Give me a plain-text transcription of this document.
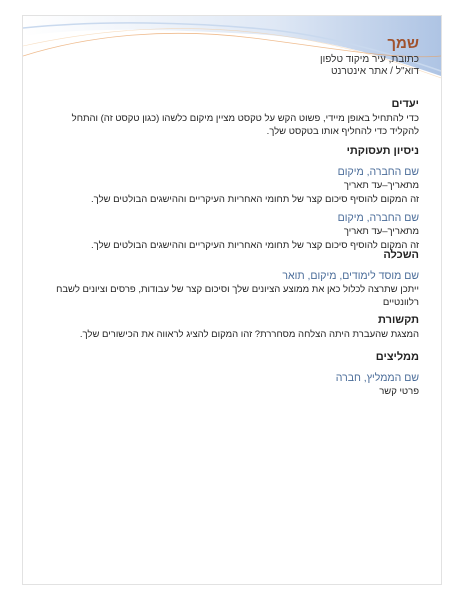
שמך
כתובת, עיר מיקוד טלפון
דוא"ל / אתר אינטרנט

יעדים

כדי להתחיל באופן מיידי, פשוט הקש על טקסט מציין מיקום כלשהו (כגון טקסט זה) והתחל להקליד כדי להחליף אותו בטקסט שלך.

ניסיון תעסוקתי

שם החברה, מיקום

מתאריך–עד תאריך

זה המקום להוסיף סיכום קצר של תחומי האחריות העיקריים וההישגים הבולטים שלך.

שם החברה, מיקום

מתאריך–עד תאריך

זה המקום להוסיף סיכום קצר של תחומי האחריות העיקריים וההישגים הבולטים שלך.

השכלה

שם מוסד לימודים, מיקום, תואר

ייתכן שתרצה לכלול כאן את ממוצע הציונים שלך וסיכום קצר של עבודות, פרסים וציונים לשבח רלוונטיים

תקשורת

המצגת שהעברת היתה הצלחה מסחררת? זהו המקום להציג לראווה את הכישורים שלך.

ממליצים

שם הממליץ, חברה

פרטי קשר
